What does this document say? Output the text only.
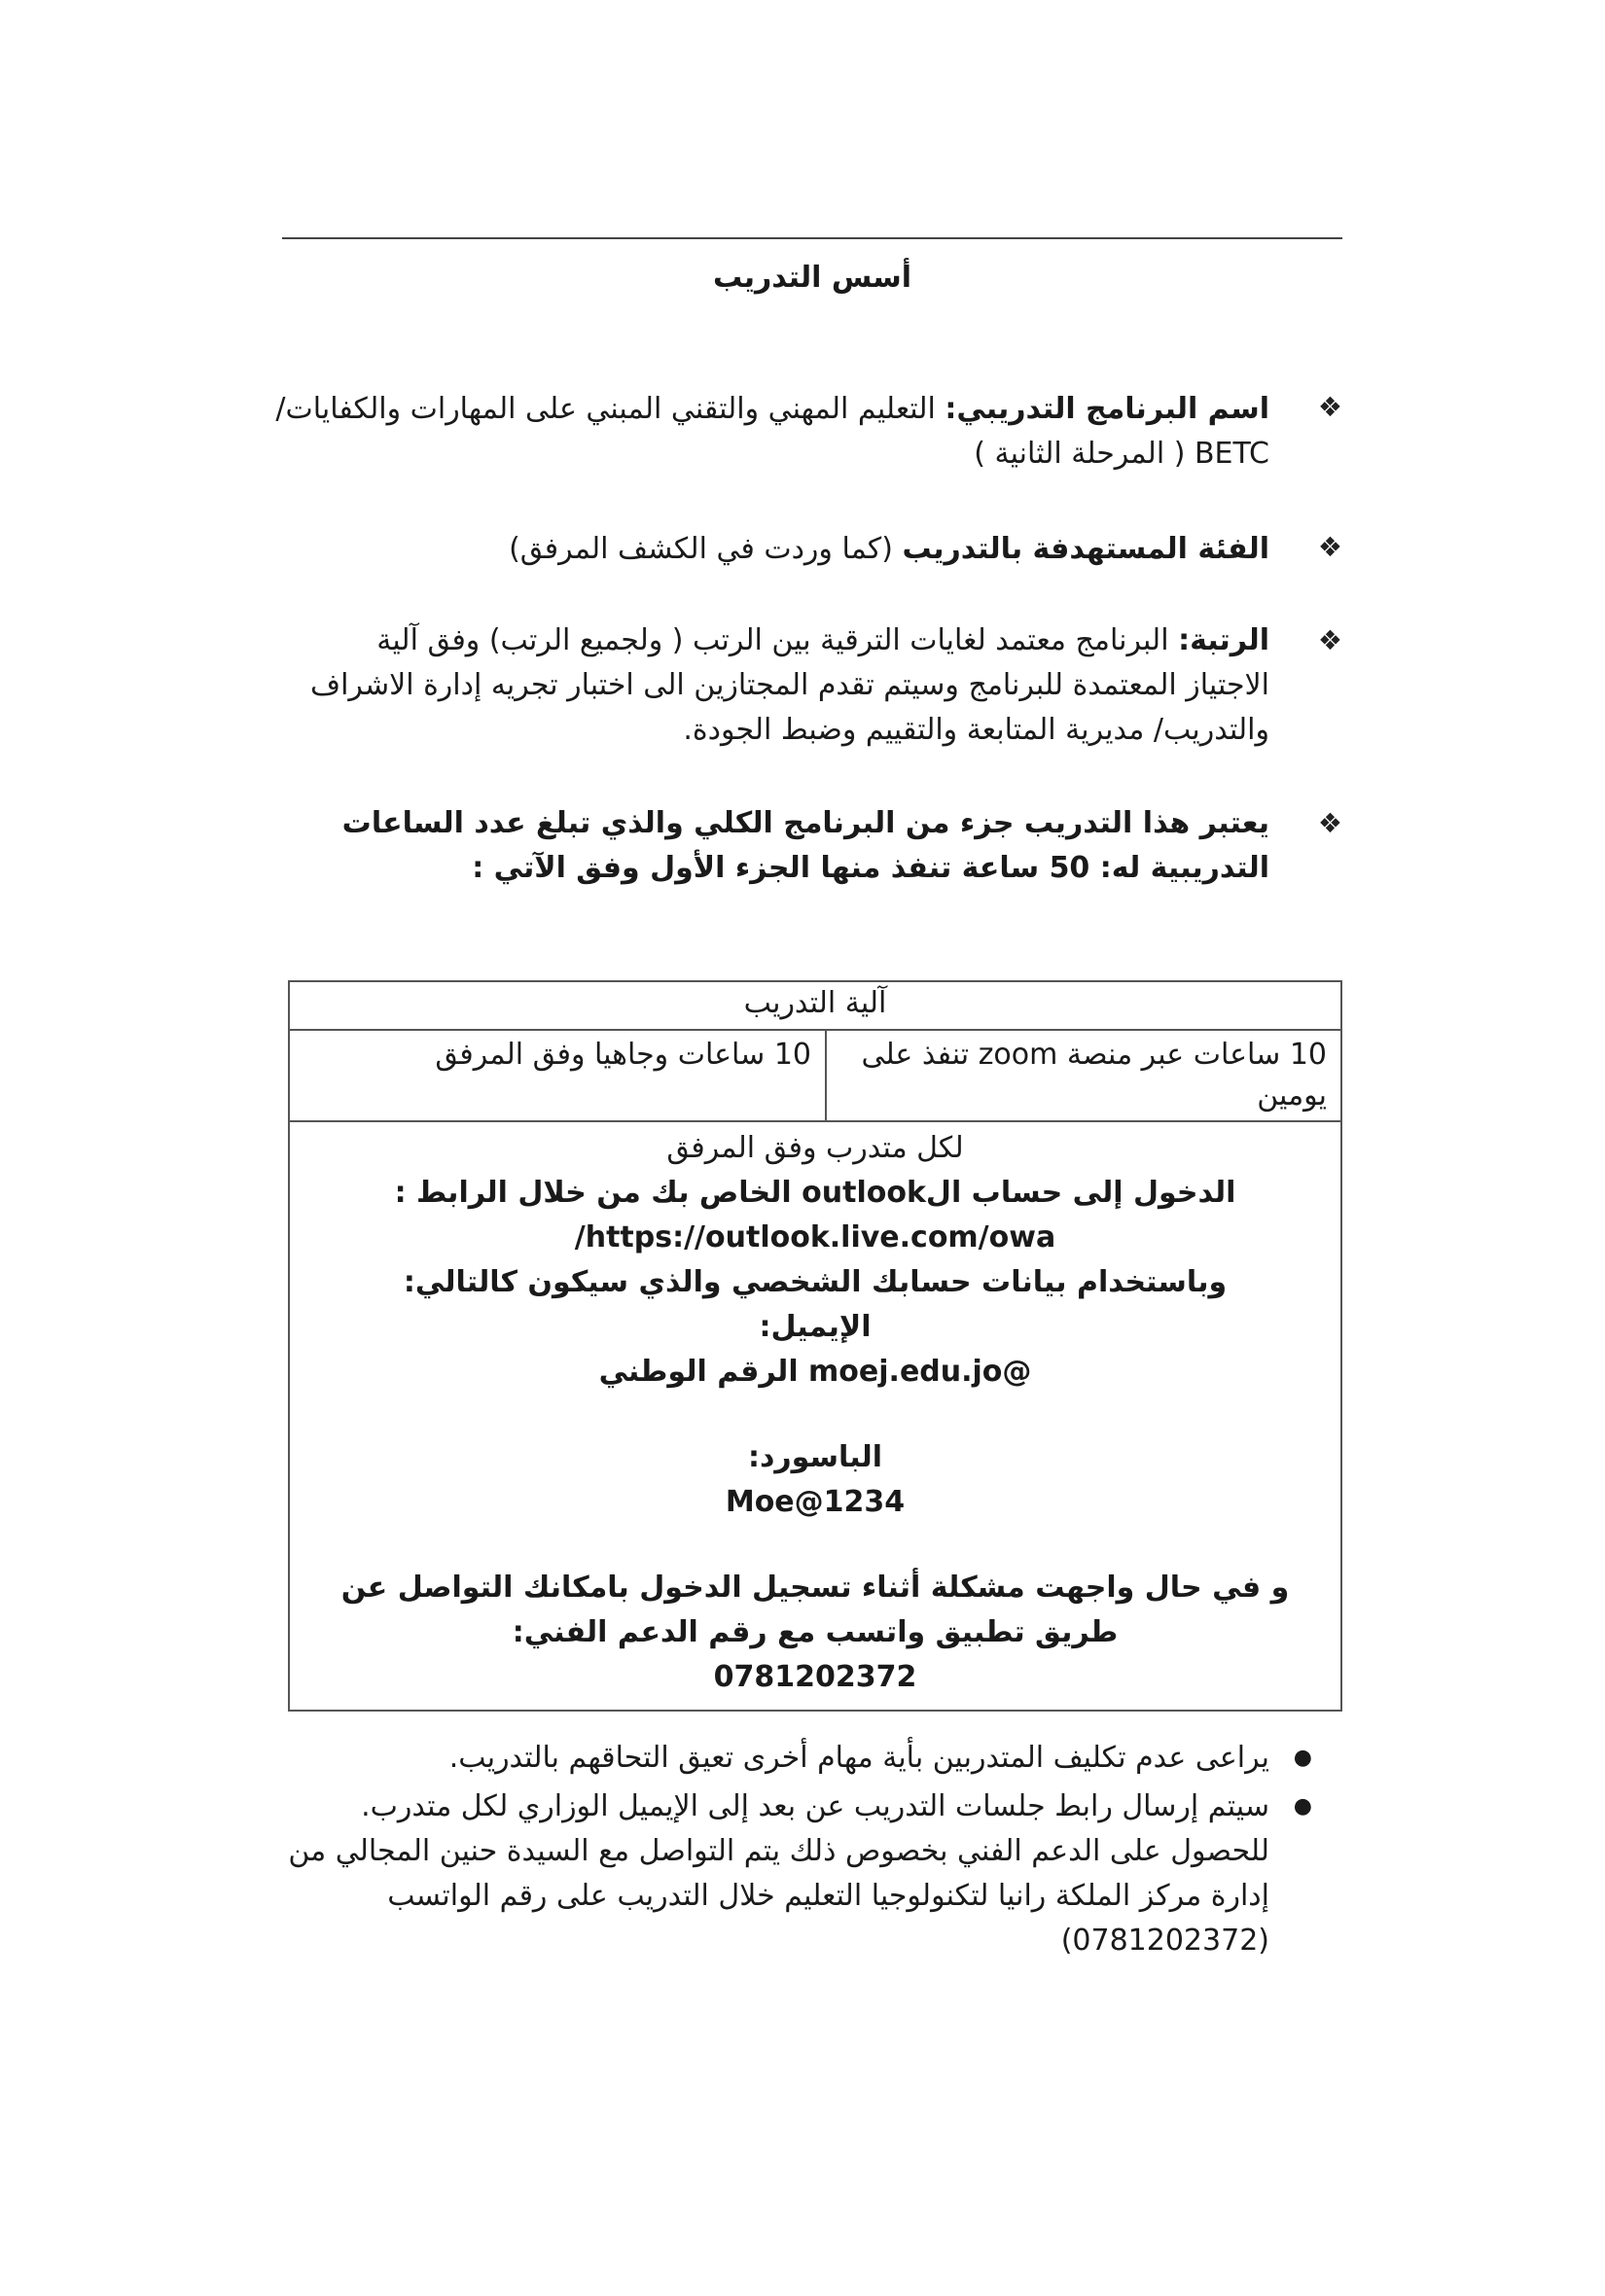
أسس التدريب
❖
اسم البرنامج التدريبي: التعليم المهني والتقني المبني على المهارات والكفايات/ BETC ( المرحلة الثانية )
❖
الفئة المستهدفة بالتدريب (كما وردت في الكشف المرفق)
❖
الرتبة: البرنامج معتمد لغايات الترقية بين الرتب ( ولجميع الرتب) وفق آلية الاجتياز المعتمدة للبرنامج وسيتم تقدم المجتازين الى اختبار تجريه إدارة الاشراف والتدريب/ مديرية المتابعة والتقييم وضبط الجودة.
❖
يعتبر هذا التدريب جزء من البرنامج الكلي والذي تبلغ عدد الساعات التدريبية له: 50 ساعة تنفذ منها الجزء الأول وفق الآتي :
آلية التدريب
10 ساعات عبر منصة zoom تنفذ على يومين	10 ساعات وجاهيا وفق المرفق

لكل متدرب وفق المرفق
الدخول إلى حساب الoutlook الخاص بك من خلال الرابط :
/https://outlook.live.com/owa
وباستخدام بيانات حسابك الشخصي والذي سيكون كالتالي:
الإيميل:
@moej.edu.jo الرقم الوطني
الباسورد:
Moe@1234
و في حال واجهت مشكلة أثناء تسجيل الدخول بامكانك التواصل عن طريق تطبيق واتسب مع رقم الدعم الفني:
0781202372
●
يراعى عدم تكليف المتدربين بأية مهام أخرى تعيق التحاقهم بالتدريب.
●
سيتم إرسال رابط جلسات التدريب عن بعد إلى الإيميل الوزاري لكل متدرب. للحصول على الدعم الفني بخصوص ذلك يتم التواصل مع السيدة حنين المجالي من إدارة مركز الملكة رانيا لتكنولوجيا التعليم خلال التدريب على رقم الواتسب (0781202372)
